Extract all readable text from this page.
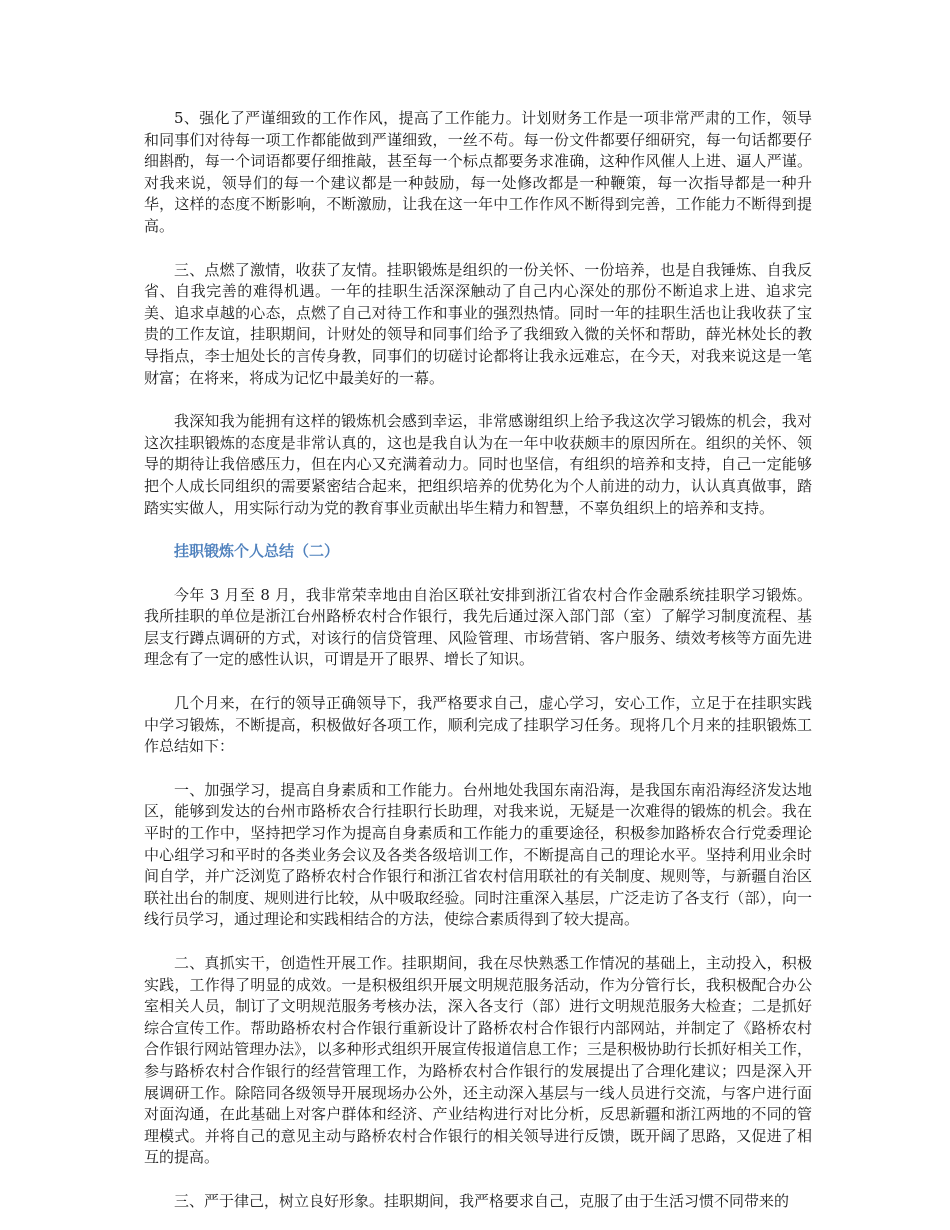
5、强化了严谨细致的工作作风，提高了工作能力。计划财务工作是一项非常严肃的工作，领导和同事们对待每一项工作都能做到严谨细致，一丝不苟。每一份文件都要仔细研究，每一句话都要仔细斟酌，每一个词语都要仔细推敲，甚至每一个标点都要务求准确，这种作风催人上进、逼人严谨。对我来说，领导们的每一个建议都是一种鼓励，每一处修改都是一种鞭策，每一次指导都是一种升华，这样的态度不断影响，不断激励，让我在这一年中工作作风不断得到完善，工作能力不断得到提高。

三、点燃了激情，收获了友情。挂职锻炼是组织的一份关怀、一份培养，也是自我锤炼、自我反省、自我完善的难得机遇。一年的挂职生活深深触动了自己内心深处的那份不断追求上进、追求完美、追求卓越的心态，点燃了自己对待工作和事业的强烈热情。同时一年的挂职生活也让我收获了宝贵的工作友谊，挂职期间，计财处的领导和同事们给予了我细致入微的关怀和帮助，薛光林处长的教导指点，李士旭处长的言传身教，同事们的切磋讨论都将让我永远难忘，在今天，对我来说这是一笔财富；在将来，将成为记忆中最美好的一幕。

我深知我为能拥有这样的锻炼机会感到幸运，非常感谢组织上给予我这次学习锻炼的机会，我对这次挂职锻炼的态度是非常认真的，这也是我自认为在一年中收获颇丰的原因所在。组织的关怀、领导的期待让我倍感压力，但在内心又充满着动力。同时也坚信，有组织的培养和支持，自己一定能够把个人成长同组织的需要紧密结合起来，把组织培养的优势化为个人前进的动力，认认真真做事，踏踏实实做人，用实际行动为党的教育事业贡献出毕生精力和智慧，不辜负组织上的培养和支持。

挂职锻炼个人总结（二）

今年 3 月至 8 月，我非常荣幸地由自治区联社安排到浙江省农村合作金融系统挂职学习锻炼。我所挂职的单位是浙江台州路桥农村合作银行，我先后通过深入部门部（室）了解学习制度流程、基层支行蹲点调研的方式，对该行的信贷管理、风险管理、市场营销、客户服务、绩效考核等方面先进理念有了一定的感性认识，可谓是开了眼界、增长了知识。

几个月来，在行的领导正确领导下，我严格要求自己，虚心学习，安心工作，立足于在挂职实践中学习锻炼，不断提高，积极做好各项工作，顺利完成了挂职学习任务。现将几个月来的挂职锻炼工作总结如下：

一、加强学习，提高自身素质和工作能力。台州地处我国东南沿海，是我国东南沿海经济发达地区，能够到发达的台州市路桥农合行挂职行长助理，对我来说，无疑是一次难得的锻炼的机会。我在平时的工作中，坚持把学习作为提高自身素质和工作能力的重要途径，积极参加路桥农合行党委理论中心组学习和平时的各类业务会议及各类各级培训工作，不断提高自己的理论水平。坚持利用业余时间自学，并广泛浏览了路桥农村合作银行和浙江省农村信用联社的有关制度、规则等，与新疆自治区联社出台的制度、规则进行比较，从中吸取经验。同时注重深入基层，广泛走访了各支行（部），向一线行员学习，通过理论和实践相结合的方法，使综合素质得到了较大提高。

二、真抓实干，创造性开展工作。挂职期间，我在尽快熟悉工作情况的基础上，主动投入，积极实践，工作得了明显的成效。一是积极组织开展文明规范服务活动，作为分管行长，我积极配合办公室相关人员，制订了文明规范服务考核办法，深入各支行（部）进行文明规范服务大检查；二是抓好综合宣传工作。帮助路桥农村合作银行重新设计了路桥农村合作银行内部网站，并制定了《路桥农村合作银行网站管理办法》，以多种形式组织开展宣传报道信息工作；三是积极协助行长抓好相关工作，参与路桥农村合作银行的经营管理工作，为路桥农村合作银行的发展提出了合理化建议；四是深入开展调研工作。除陪同各级领导开展现场办公外，还主动深入基层与一线人员进行交流，与客户进行面对面沟通，在此基础上对客户群体和经济、产业结构进行对比分析，反思新疆和浙江两地的不同的管理模式。并将自己的意见主动与路桥农村合作银行的相关领导进行反馈，既开阔了思路，又促进了相互的提高。

三、严于律己，树立良好形象。挂职期间，我严格要求自己，克服了由于生活习惯不同带来的
